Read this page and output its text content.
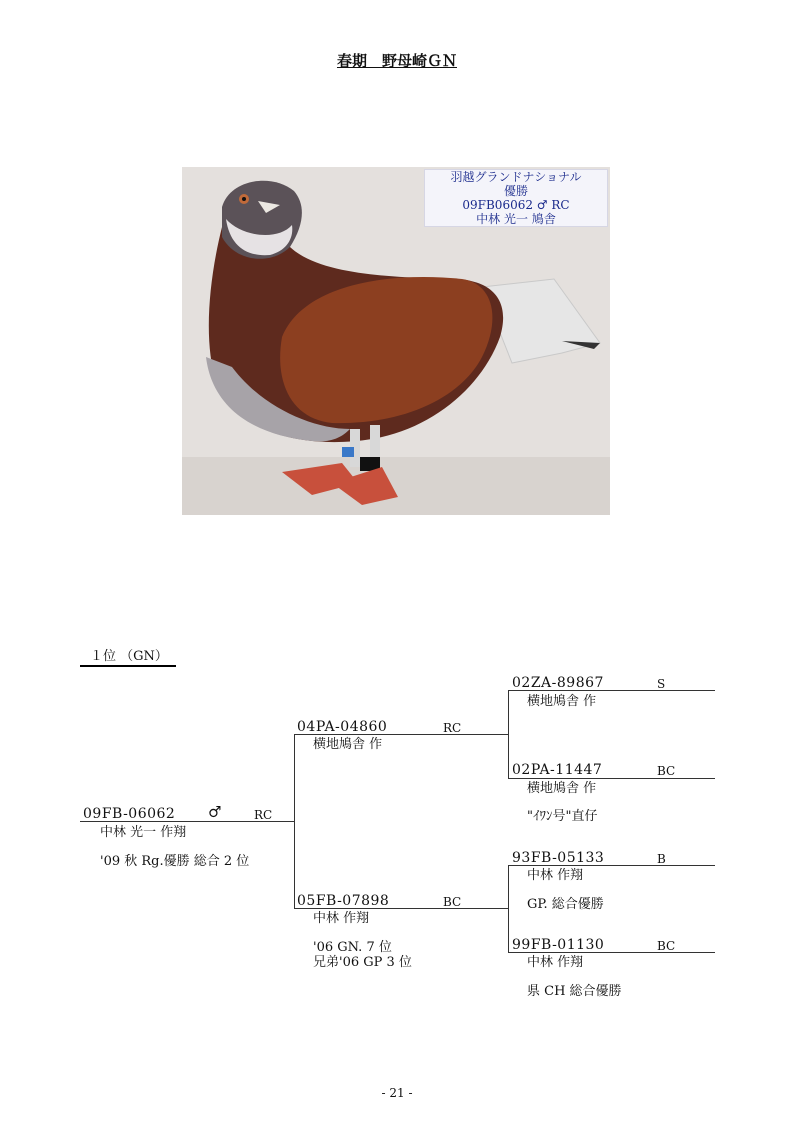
春期　野母崎ＧＮ
羽越グランドナショナル
優勝
09FB06062 ♂ RC
中林 光一 鳩舎
１位 （GN）
09FB-06062 ♂	RC
中林 光一 作翔
'09 秋 Rg.優勝 総合 2 位
04PA-04860	RC
横地鳩舎 作
05FB-07898	BC
中林 作翔
'06 GN. 7 位
兄弟'06 GP 3 位
02ZA-89867	S
横地鳩舎 作
02PA-11447	BC
横地鳩舎 作
"ｲﾜﾝ号"直仔
93FB-05133	B
中林 作翔
GP. 総合優勝
99FB-01130	BC
中林 作翔
県 CH 総合優勝
- 21 -
